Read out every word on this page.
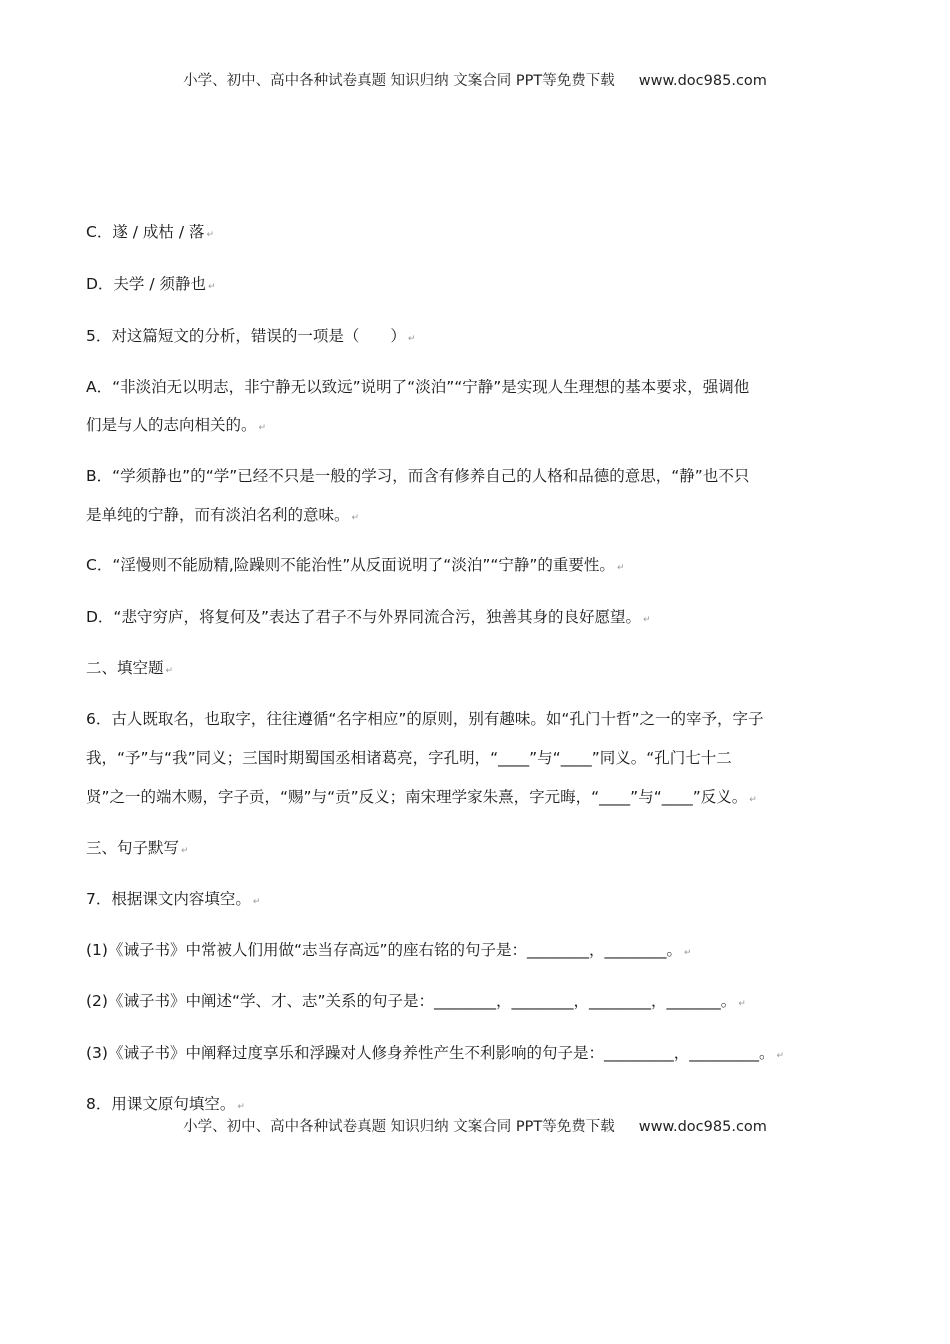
小学、初中、高中各种试卷真题 知识归纳 文案合同 PPT等免费下载 www.doc985.com
C．遂 / 成枯 / 落 ↵
D．夫学 / 须静也 ↵
5．对这篇短文的分析，错误的一项是（　　） ↵
A．“非淡泊无以明志，非宁静无以致远”说明了“淡泊”“宁静”是实现人生理想的基本要求，强调他
们是与人的志向相关的。 ↵
B．“学须静也”的“学”已经不只是一般的学习，而含有修养自己的人格和品德的意思，“静”也不只
是单纯的宁静，而有淡泊名利的意味。 ↵
C．“淫慢则不能励精,险躁则不能治性”从反面说明了“淡泊”“宁静”的重要性。 ↵
D．“悲守穷庐，将复何及”表达了君子不与外界同流合污，独善其身的良好愿望。 ↵
二、填空题 ↵
6．古人既取名，也取字，往往遵循“名字相应”的原则，别有趣味。如“孔门十哲”之一的宰予，字子
我，“予”与“我”同义；三国时期蜀国丞相诸葛亮，字孔明，“____”与“____”同义。“孔门七十二
贤”之一的端木赐，字子贡，“赐”与“贡”反义；南宋理学家朱熹，字元晦，“____”与“____”反义。 ↵
三、句子默写 ↵
7．根据课文内容填空。 ↵
(1)《诫子书》中常被人们用做“志当存高远”的座右铭的句子是：________，________。 ↵
(2)《诫子书》中阐述“学、才、志”关系的句子是：________，________，________，_______。 ↵
(3)《诫子书》中阐释过度享乐和浮躁对人修身养性产生不利影响的句子是：_________，_________。 ↵
8．用课文原句填空。 ↵
小学、初中、高中各种试卷真题 知识归纳 文案合同 PPT等免费下载 www.doc985.com
